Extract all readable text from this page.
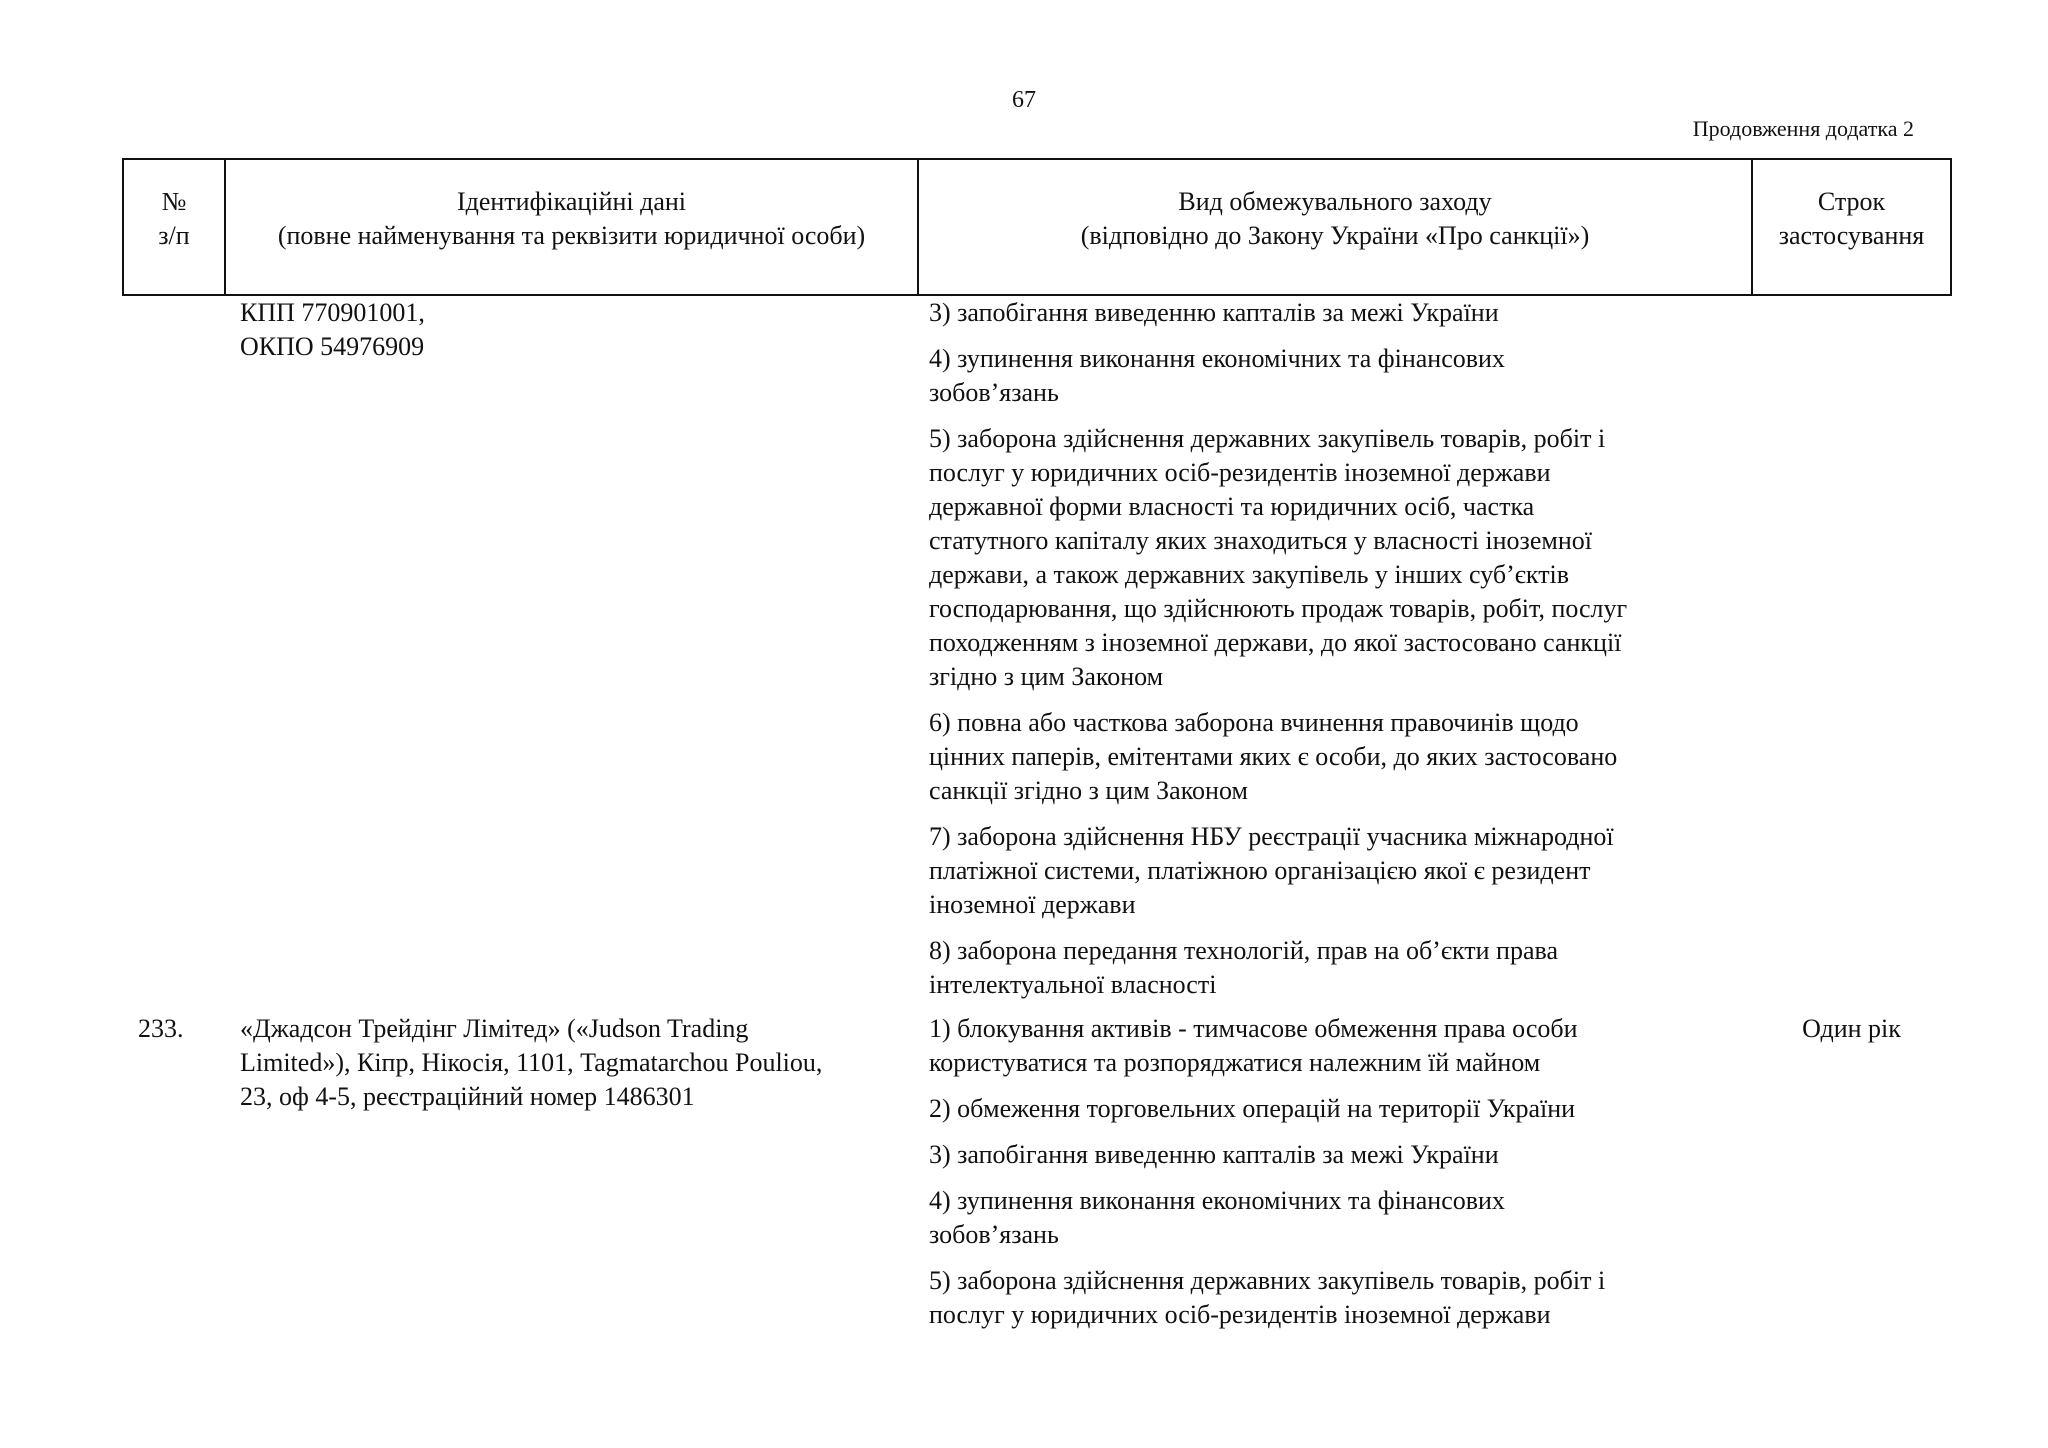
67
Продовження додатка 2
№
з/п
Ідентифікаційні дані
(повне найменування та реквізити юридичної особи)
Вид обмежувального заходу
(відповідно до Закону України «Про санкції»)
Строк
застосування
КПП 770901001,
ОКПО 54976909
3) запобігання виведенню капталів за межі України
4) зупинення виконання економічних та фінансових
зобов’язань
5) заборона здійснення державних закупівель товарів, робіт і
послуг у юридичних осіб-резидентів іноземної держави
державної форми власності та юридичних осіб, частка
статутного капіталу яких знаходиться у власності іноземної
держави, а також державних закупівель у інших суб’єктів
господарювання, що здійснюють продаж товарів, робіт, послуг
походженням з іноземної держави, до якої застосовано санкції
згідно з цим Законом
6) повна або часткова заборона вчинення правочинів щодо
цінних паперів, емітентами яких є особи, до яких застосовано
санкції згідно з цим Законом
7) заборона здійснення НБУ реєстрації учасника міжнародної
платіжної системи, платіжною організацією якої є резидент
іноземної держави
8) заборона передання технологій, прав на об’єкти права
інтелектуальної власності
233.	«Джадсон Трейдінг Лімітед» («Judson Trading
Limited»), Кіпр, Нікосія, 1101, Tagmatarchou Pouliou,
23, оф 4-5, реєстраційний номер 1486301
1) блокування активів - тимчасове обмеження права особи
користуватися та розпоряджатися належним їй майном
2) обмеження торговельних операцій на території України
3) запобігання виведенню капталів за межі України
4) зупинення виконання економічних та фінансових
зобов’язань
5) заборона здійснення державних закупівель товарів, робіт і
послуг у юридичних осіб-резидентів іноземної держави
Один рік
